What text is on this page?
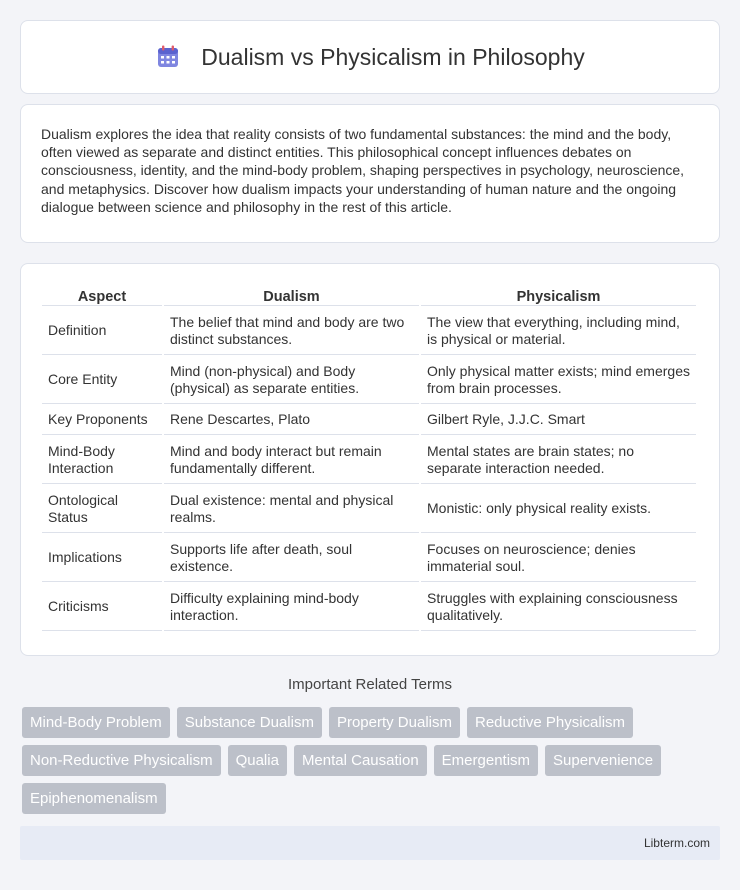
Dualism vs Physicalism in Philosophy

Dualism explores the idea that reality consists of two fundamental substances: the mind and the body, often viewed as separate and distinct entities. This philosophical concept influences debates on consciousness, identity, and the mind-body problem, shaping perspectives in psychology, neuroscience, and metaphysics. Discover how dualism impacts your understanding of human nature and the ongoing dialogue between science and philosophy in the rest of this article.

Aspect	Dualism	Physicalism
Definition	The belief that mind and body are two distinct substances.	The view that everything, including mind, is physical or material.
Core Entity	Mind (non-physical) and Body (physical) as separate entities.	Only physical matter exists; mind emerges from brain processes.
Key Proponents	Rene Descartes, Plato	Gilbert Ryle, J.J.C. Smart
Mind-Body Interaction	Mind and body interact but remain fundamentally different.	Mental states are brain states; no separate interaction needed.
Ontological Status	Dual existence: mental and physical realms.	Monistic: only physical reality exists.
Implications	Supports life after death, soul existence.	Focuses on neuroscience; denies immaterial soul.
Criticisms	Difficulty explaining mind-body interaction.	Struggles with explaining consciousness qualitatively.
Important Related Terms
Mind-Body Problem	Substance Dualism	Property Dualism	Reductive Physicalism
Non-Reductive Physicalism	Qualia	Mental Causation	Emergentism	Supervenience
Epiphenomenalism
Libterm.com
